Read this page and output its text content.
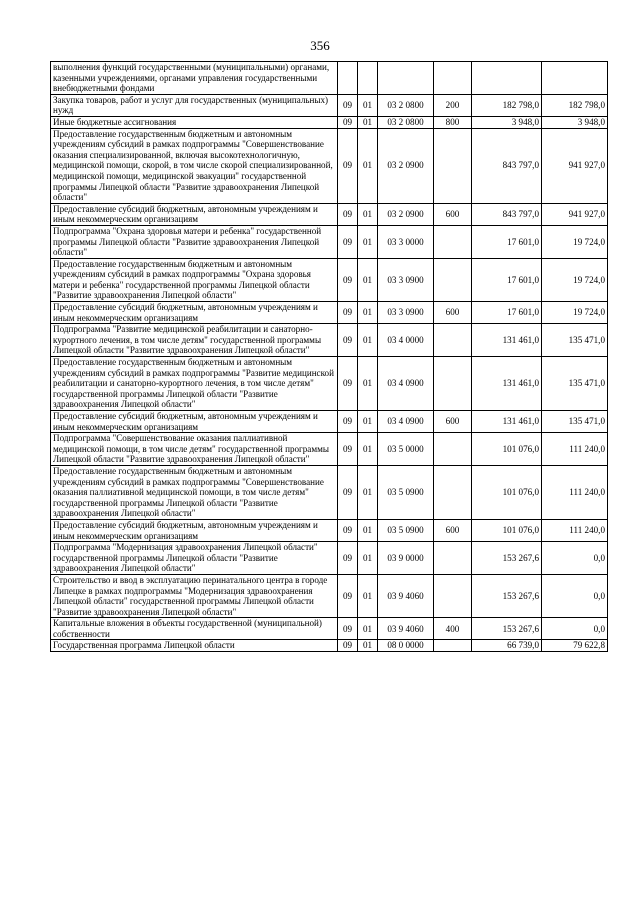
356
выполнения функций государственными (муниципальными) органами, казенными учреждениями, органами управления государственными внебюджетными фондами						
Закупка товаров, работ и услуг для государственных (муниципальных) нужд	09	01	03 2 0800	200	182 798,0	182 798,0
Иные бюджетные ассигнования	09	01	03 2 0800	800	3 948,0	3 948,0
Предоставление государственным бюджетным и автономным учреждениям субсидий в рамках подпрограммы "Совершенствование оказания специализированной, включая высокотехнологичную, медицинской помощи, скорой, в том числе скорой специализированной, медицинской помощи, медицинской эвакуации" государственной программы Липецкой области "Развитие здравоохранения Липецкой области"	09	01	03 2 0900		843 797,0	941 927,0
Предоставление субсидий бюджетным, автономным учреждениям и иным некоммерческим организациям	09	01	03 2 0900	600	843 797,0	941 927,0
Подпрограмма "Охрана здоровья матери и ребенка" государственной программы Липецкой области "Развитие здравоохранения Липецкой области"	09	01	03 3 0000		17 601,0	19 724,0
Предоставление государственным бюджетным и автономным учреждениям субсидий в рамках подпрограммы "Охрана здоровья матери и ребенка" государственной программы Липецкой области "Развитие здравоохранения Липецкой области"	09	01	03 3 0900		17 601,0	19 724,0
Предоставление субсидий бюджетным, автономным учреждениям и иным некоммерческим организациям	09	01	03 3 0900	600	17 601,0	19 724,0
Подпрограмма "Развитие медицинской реабилитации и санаторно-курортного лечения, в том числе детям" государственной программы Липецкой области "Развитие здравоохранения Липецкой области"	09	01	03 4 0000		131 461,0	135 471,0
Предоставление государственным бюджетным и автономным учреждениям субсидий в рамках подпрограммы "Развитие медицинской реабилитации и санаторно-курортного лечения, в том числе детям" государственной программы Липецкой области "Развитие здравоохранения Липецкой области"	09	01	03 4 0900		131 461,0	135 471,0
Предоставление субсидий бюджетным, автономным учреждениям и иным некоммерческим организациям	09	01	03 4 0900	600	131 461,0	135 471,0
Подпрограмма "Совершенствование оказания паллиативной медицинской помощи, в том числе детям" государственной программы Липецкой области "Развитие здравоохранения Липецкой области"	09	01	03 5 0000		101 076,0	111 240,0
Предоставление государственным бюджетным и автономным учреждениям субсидий в рамках подпрограммы "Совершенствование оказания паллиативной медицинской помощи, в том числе детям" государственной программы Липецкой области "Развитие здравоохранения Липецкой области"	09	01	03 5 0900		101 076,0	111 240,0
Предоставление субсидий бюджетным, автономным учреждениям и иным некоммерческим организациям	09	01	03 5 0900	600	101 076,0	111 240,0
Подпрограмма "Модернизация здравоохранения Липецкой области" государственной программы Липецкой области "Развитие здравоохранения Липецкой области"	09	01	03 9 0000		153 267,6	0,0
Строительство и ввод в эксплуатацию перинатального центра в городе Липецке в рамках подпрограммы "Модернизация здравоохранения Липецкой области" государственной программы Липецкой области "Развитие здравоохранения Липецкой области"	09	01	03 9 4060		153 267,6	0,0
Капитальные вложения в объекты государственной (муниципальной) собственности	09	01	03 9 4060	400	153 267,6	0,0
Государственная программа Липецкой области	09	01	08 0 0000		66 739,0	79 622,8
